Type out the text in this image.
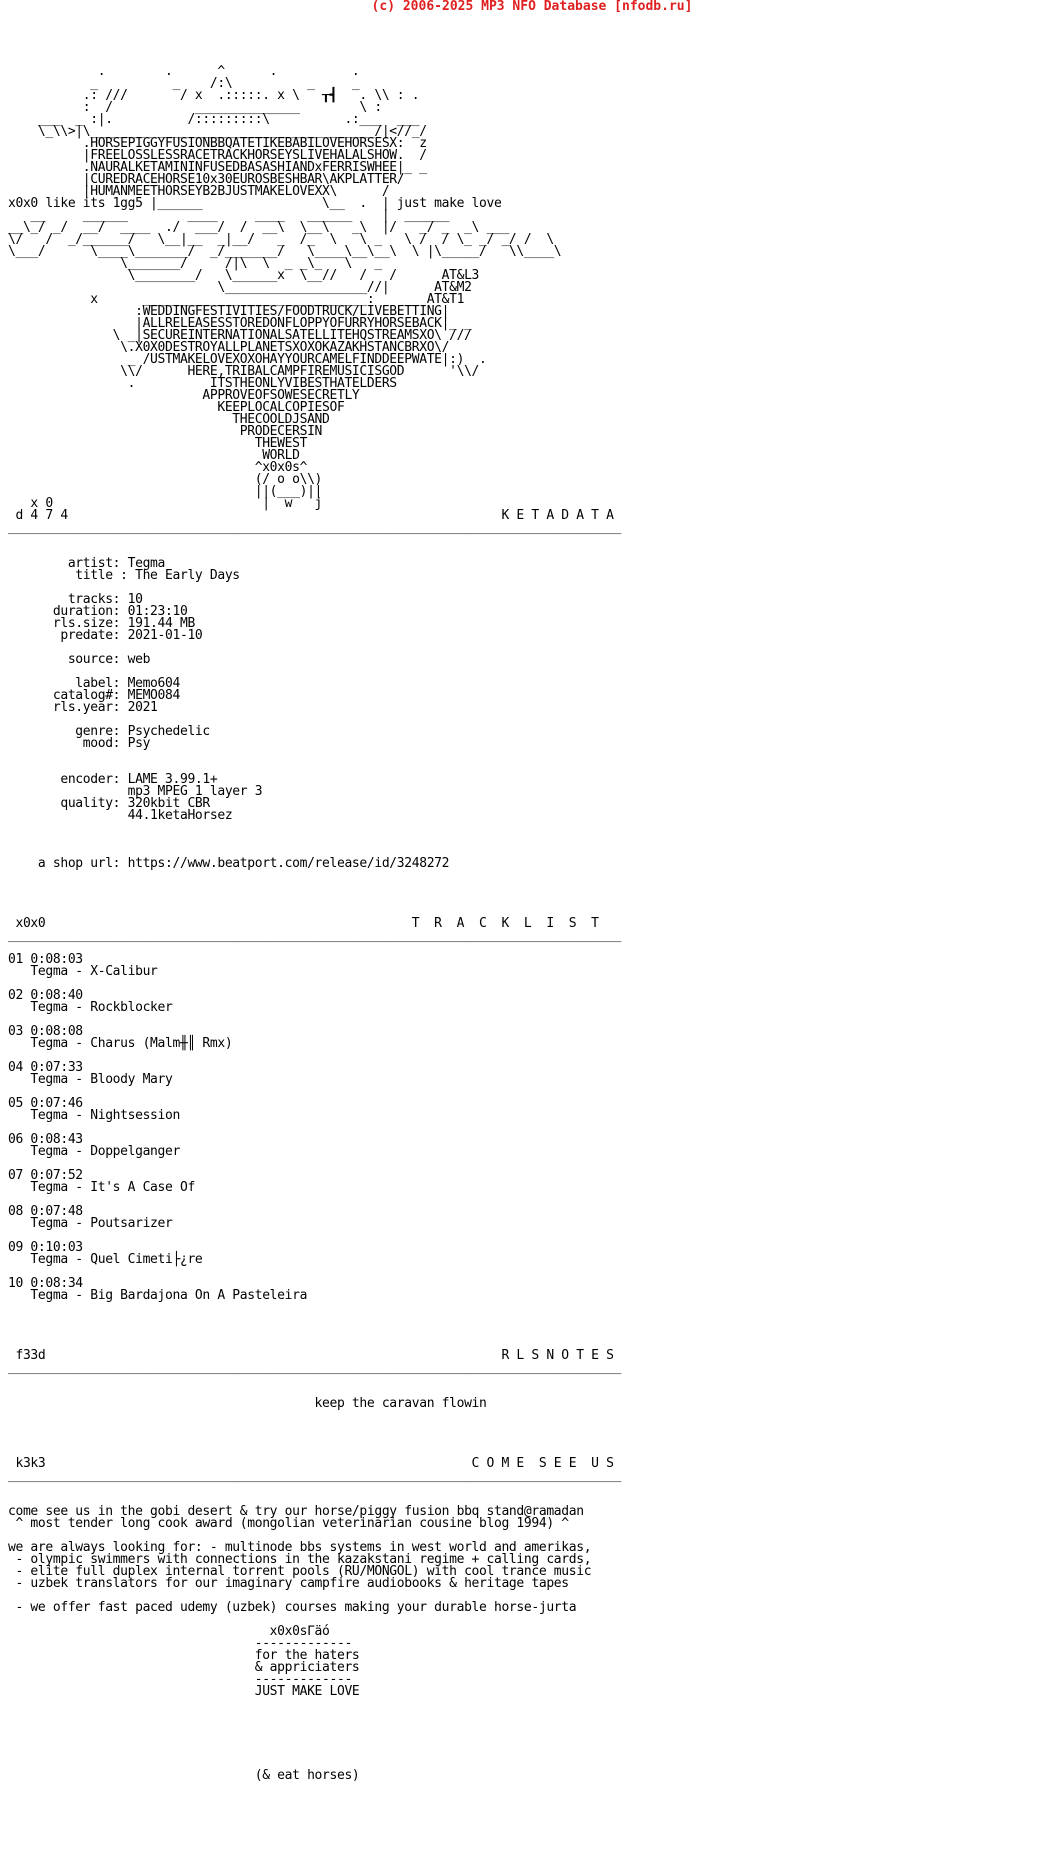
(c) 2006-2025 MP3 NFO Database [nfodb.ru]
.        .      ^      .          .
_          _    /:\          _     _
.: ///       / x  .:::::. x \   ┰┫   . \\ : .
:  /           ______________        \ :
___  _ :|.          /:::::::::\          .:___  ___
\_\\>|\______________________________________/|<//_/
.HORSEPIGGYFUSIONBBQATETIKEBABILOVEHORSESX:  z
|FREELOSSLESSRACETRACKHORSEYSLIVEHALALSHOW.  /
.NAURALKETAMININFUSEDBASASHIANDxFERRISWHEE|_ _
|CUREDRACEHORSE10x30EUROSBESHBAR\AKPLATTER/
|HUMANMEETHORSEYB2BJUSTMAKELOVEXX\      /
x0x0 like its 1gg5 |______                \__  .  | just make love
__     ______        ____     ____   ______    |  ______
__\_/ _/  __/  ____  ./  ___/  /  __\  \__\   _\  |/   _/ _  _\ ___
\/   /  _/______/   \__|__  _|__/   _  /_  \   \ _   \ /  / \_ _/ _/ /  \
\___/      \____\_______/  _/_______/   \____\__\__\  \ |\_____/   \\____\
\_______/     /|\  \  _ _\_   \   _
\________/   \______x  \__//   /   /      AT&L3
\___________________//|      AT&M2
x      ______________________________:       AT&T1
:WEDDINGFESTIVITIES/FOODTRUCK/LIVEBETTING|
|ALLRELEASESSTOREDONFLOPPYOFURRYHORSEBACK|_ _
\ _|SECUREINTERNATIONALSATELLITEHQSTREAMSXO\ ///
\.X0X0DESTROYALLPLANETSXOXOKAZAKHSTANCBRXO\/
_ /USTMAKELOVEXOXOHAYYOURCAMELFINDDEEPWATE|:)  .
\\/      HERE,TRIBALCAMPFIREMUSICISGOD      '\\/
.          ITSTHEONLYVIBESTHATELDERS
APPROVEOFSOWESECRETLY
KEEPLOCALCOPIESOF
THECOOLDJSAND
PRODECERSIN
THEWEST
WORLD
^x0x0s^
(/ o o\\)
||(___)||
x 0                            |  w   j
d 4 7 4                                                          K E T A D A T A
__________________________________________________________________________________

artist: Tegma
title : The Early Days

tracks: 10
duration: 01:23:10
rls.size: 191.44 MB
predate: 2021-01-10

source: web

label: Memo604
catalog#: MEMO084
rls.year: 2021

genre: Psychedelic
mood: Psy

encoder: LAME 3.99.1+
mp3 MPEG 1 layer 3
quality: 320kbit CBR
44.1ketaHorsez

a shop url: https://www.beatport.com/release/id/3248272

x0x0                                                 T  R  A  C  K  L  I  S  T
__________________________________________________________________________________

01 0:08:03
Tegma - X-Calibur

02 0:08:40
Tegma - Rockblocker

03 0:08:08
Tegma - Charus (Malm╫║ Rmx)

04 0:07:33
Tegma - Bloody Mary

05 0:07:46
Tegma - Nightsession

06 0:08:43
Tegma - Doppelganger

07 0:07:52
Tegma - It's A Case Of

08 0:07:48
Tegma - Poutsarizer

09 0:10:03
Tegma - Quel Cimeti├¿re

10 0:08:34
Tegma - Big Bardajona On A Pasteleira

f33d                                                             R L S N O T E S
__________________________________________________________________________________

keep the caravan flowin

k3k3                                                         C O M E  S E E  U S
__________________________________________________________________________________

come see us in the gobi desert & try our horse/piggy fusion bbq stand@ramadan
^ most tender long cook award (mongolian veterinarian cousine blog 1994) ^

we are always looking for: - multinode bbs systems in west world and amerikas,
- olympic swimmers with connections in the kazakstani regime + calling cards,
- elite full duplex internal torrent pools (RU/MONGOL) with cool trance music
- uzbek translators for our imaginary campfire audiobooks & heritage tapes

- we offer fast paced udemy (uzbek) courses making your durable horse-jurta

x0x0sΓäó
-------------
for the haters
& appriciaters
-------------
JUST MAKE LOVE

(& eat horses)
